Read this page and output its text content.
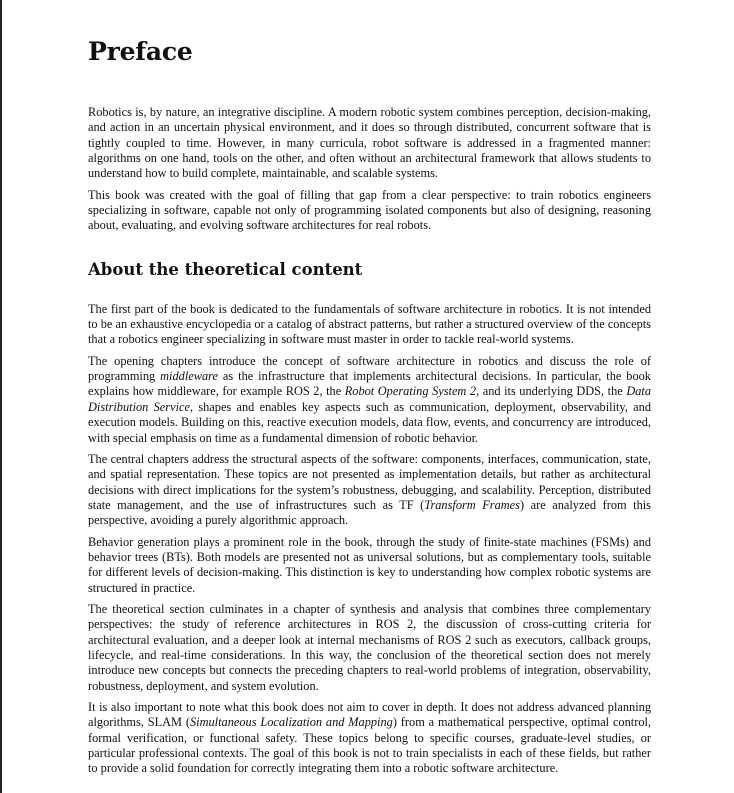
Preface

Robotics is, by nature, an integrative discipline. A modern robotic system combines perception, decision-making, and action in an uncertain physical environment, and it does so through distributed, concurrent software that is tightly coupled to time. However, in many curricula, robot software is addressed in a fragmented manner: algorithms on one hand, tools on the other, and often without an architectural framework that allows students to understand how to build complete, maintainable, and scalable systems.

This book was created with the goal of filling that gap from a clear perspective: to train robotics engineers specializing in software, capable not only of programming isolated components but also of designing, reasoning about, evaluating, and evolving software architectures for real robots.

About the theoretical content

The first part of the book is dedicated to the fundamentals of software architecture in robotics. It is not intended to be an exhaustive encyclopedia or a catalog of abstract patterns, but rather a structured overview of the concepts that a robotics engineer specializing in software must master in order to tackle real-world systems.

The opening chapters introduce the concept of software architecture in robotics and discuss the role of programming middleware as the infrastructure that implements architectural decisions. In particular, the book explains how middleware, for example ROS 2, the Robot Operating System 2, and its underlying DDS, the Data Distribution Service, shapes and enables key aspects such as communication, deployment, observability, and execution models. Building on this, reactive execution models, data flow, events, and concurrency are introduced, with special emphasis on time as a fundamental dimension of robotic behavior.

The central chapters address the structural aspects of the software: components, interfaces, communication, state, and spatial representation. These topics are not presented as implementation details, but rather as architectural decisions with direct implications for the system’s robustness, debugging, and scalability. Perception, distributed state management, and the use of infrastructures such as TF (Transform Frames) are analyzed from this perspective, avoiding a purely algorithmic approach.

Behavior generation plays a prominent role in the book, through the study of finite-state machines (FSMs) and behavior trees (BTs). Both models are presented not as universal solutions, but as complementary tools, suitable for different levels of decision-making. This distinction is key to understanding how complex robotic systems are structured in practice.

The theoretical section culminates in a chapter of synthesis and analysis that combines three complementary perspectives: the study of reference architectures in ROS 2, the discussion of cross-cutting criteria for architectural evaluation, and a deeper look at internal mechanisms of ROS 2 such as executors, callback groups, lifecycle, and real-time considerations. In this way, the conclusion of the theoretical section does not merely introduce new concepts but connects the preceding chapters to real-world problems of integration, observability, robustness, deployment, and system evolution.

It is also important to note what this book does not aim to cover in depth. It does not address advanced planning algorithms, SLAM (Simultaneous Localization and Mapping) from a mathematical perspective, optimal control, formal verification, or functional safety. These topics belong to specific courses, graduate-level studies, or particular professional contexts. The goal of this book is not to train specialists in each of these fields, but rather to provide a solid foundation for correctly integrating them into a robotic software architecture.
